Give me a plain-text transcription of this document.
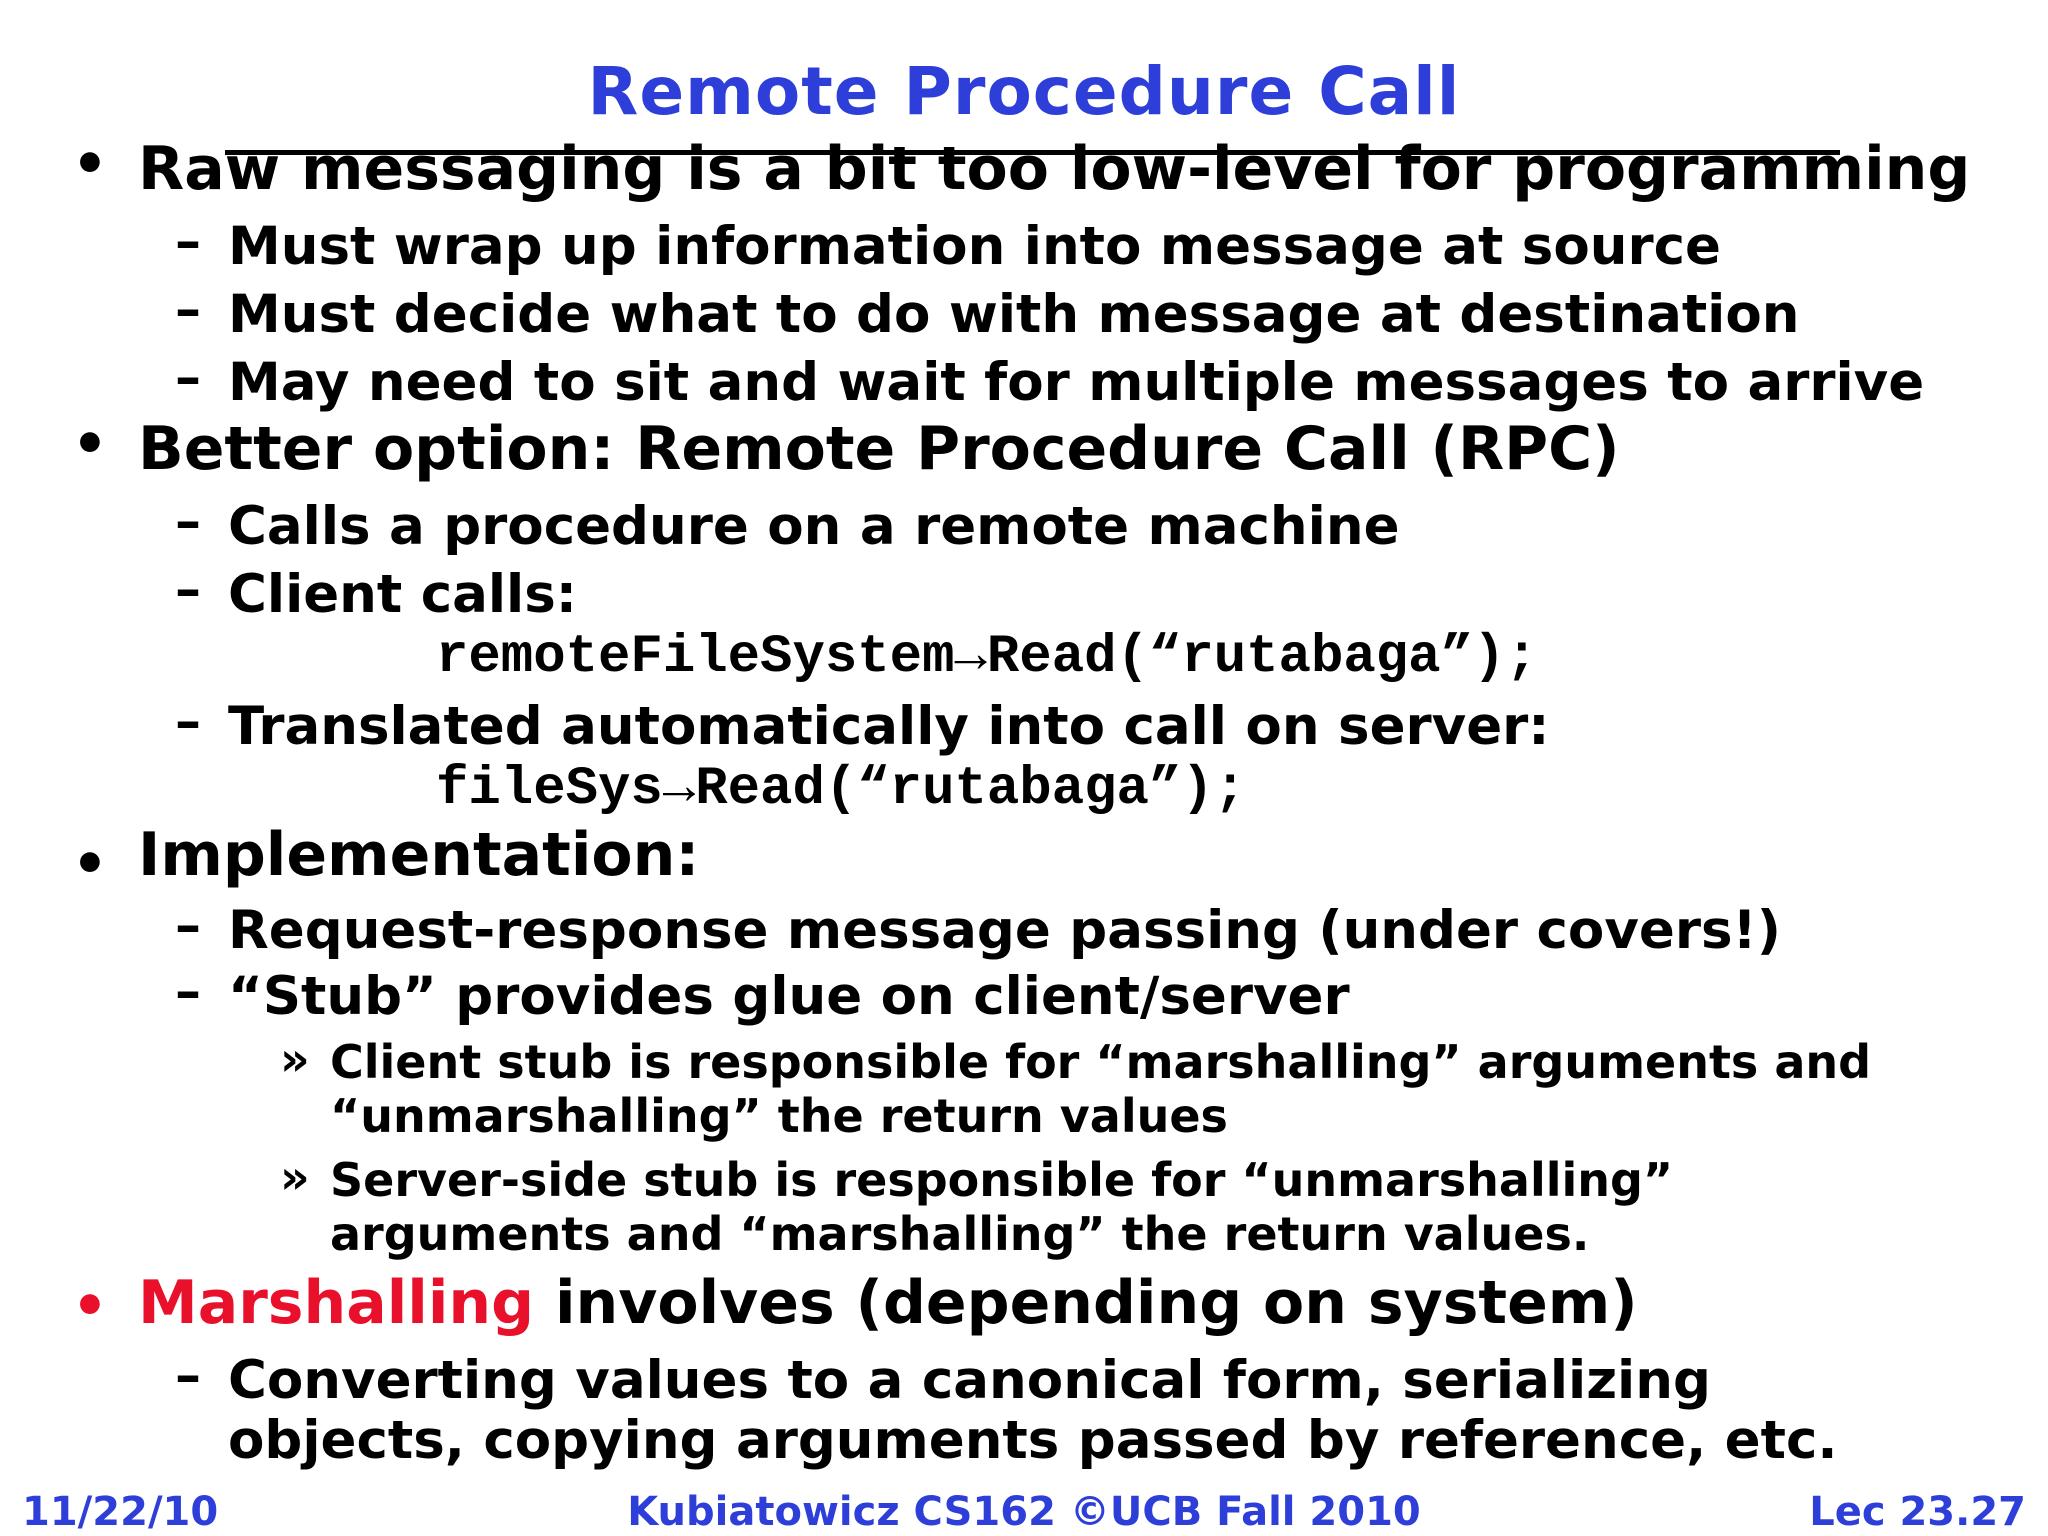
Remote Procedure Call
• Raw messaging is a bit too low-level for programming
– Must wrap up information into message at source
– Must decide what to do with message at destination
– May need to sit and wait for multiple messages to arrive
• Better option: Remote Procedure Call (RPC)
– Calls a procedure on a remote machine
– Client calls:
remoteFileSystem→Read(“rutabaga”);
– Translated automatically into call on server:
fileSys→Read(“rutabaga”);
• Implementation:
– Request-response message passing (under covers!)
– “Stub” provides glue on client/server
» Client stub is responsible for “marshalling” arguments and
“unmarshalling” the return values
» Server-side stub is responsible for “unmarshalling”
arguments and “marshalling” the return values.
• Marshalling involves (depending on system)
– Converting values to a canonical form, serializing
objects, copying arguments passed by reference, etc.
11/22/10	Kubiatowicz CS162 ©UCB Fall 2010	Lec 23.27
